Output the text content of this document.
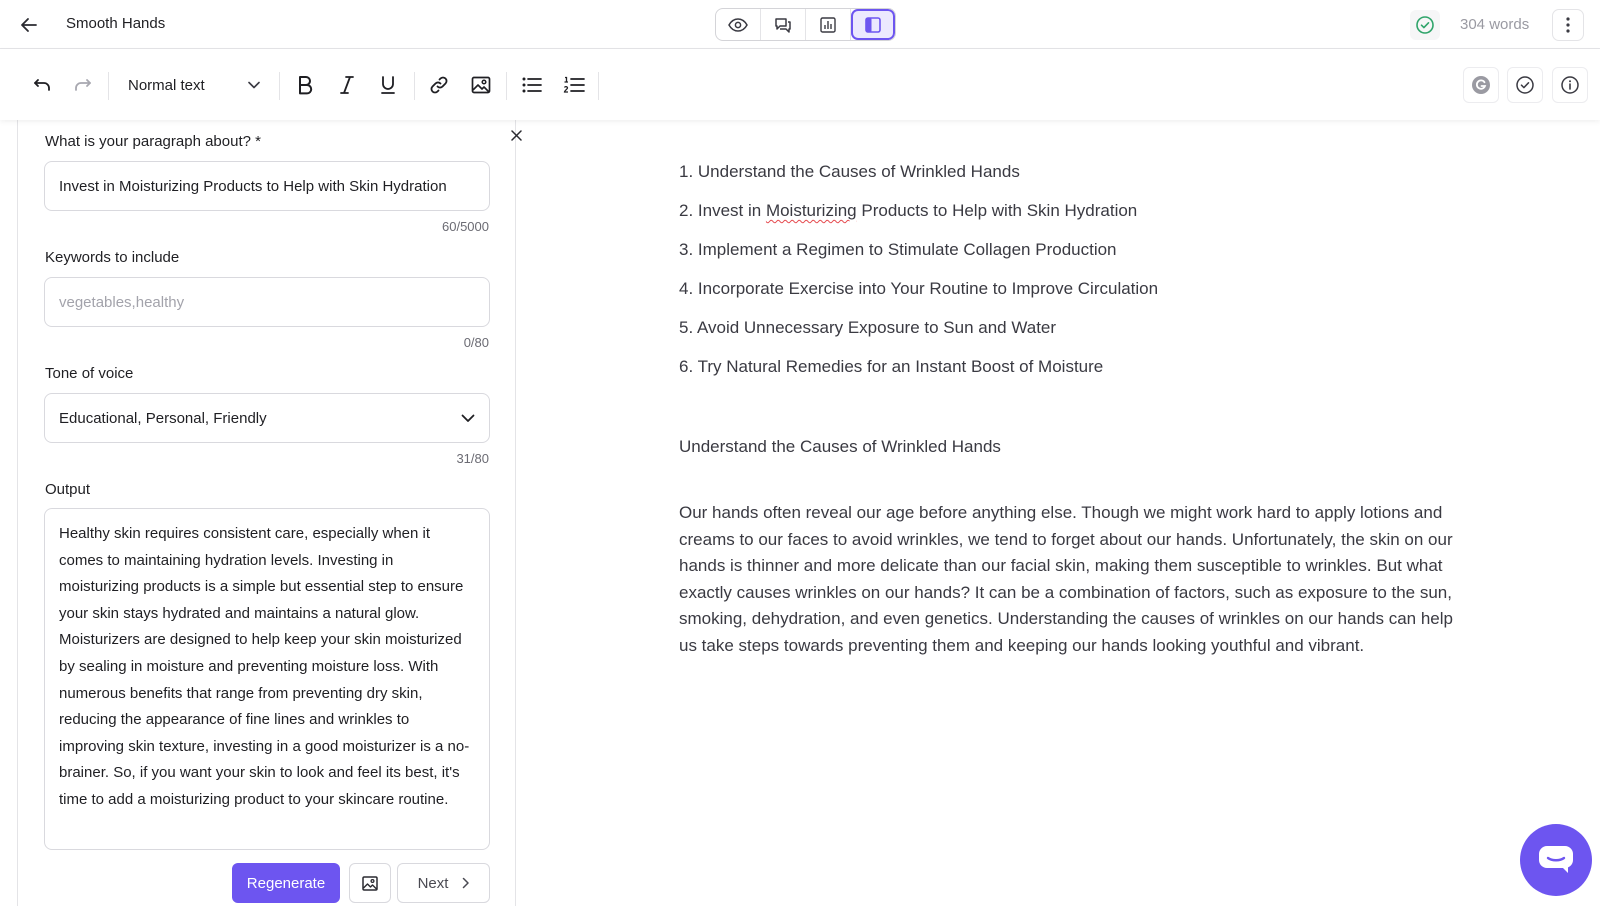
Smooth Hands	304 words
Normal text
What is your paragraph about? *
Invest in Moisturizing Products to Help with Skin Hydration
60/5000
Keywords to include
vegetables,healthy
0/80
Tone of voice
Educational, Personal, Friendly
31/80
Output
Healthy skin requires consistent care, especially when it comes to maintaining hydration levels. Investing in moisturizing products is a simple but essential step to ensure your skin stays hydrated and maintains a natural glow. Moisturizers are designed to help keep your skin moisturized by sealing in moisture and preventing moisture loss. With numerous benefits that range from preventing dry skin, reducing the appearance of fine lines and wrinkles to improving skin texture, investing in a good moisturizer is a no-brainer. So, if you want your skin to look and feel its best, it's time to add a moisturizing product to your skincare routine.
Regenerate	Next
1. Understand the Causes of Wrinkled Hands
2. Invest in Moisturizing Products to Help with Skin Hydration
3. Implement a Regimen to Stimulate Collagen Production
4. Incorporate Exercise into Your Routine to Improve Circulation
5. Avoid Unnecessary Exposure to Sun and Water
6. Try Natural Remedies for an Instant Boost of Moisture
Understand the Causes of Wrinkled Hands
Our hands often reveal our age before anything else. Though we might work hard to apply lotions and creams to our faces to avoid wrinkles, we tend to forget about our hands. Unfortunately, the skin on our hands is thinner and more delicate than our facial skin, making them susceptible to wrinkles. But what exactly causes wrinkles on our hands? It can be a combination of factors, such as exposure to the sun, smoking, dehydration, and even genetics. Understanding the causes of wrinkles on our hands can help us take steps towards preventing them and keeping our hands looking youthful and vibrant.
